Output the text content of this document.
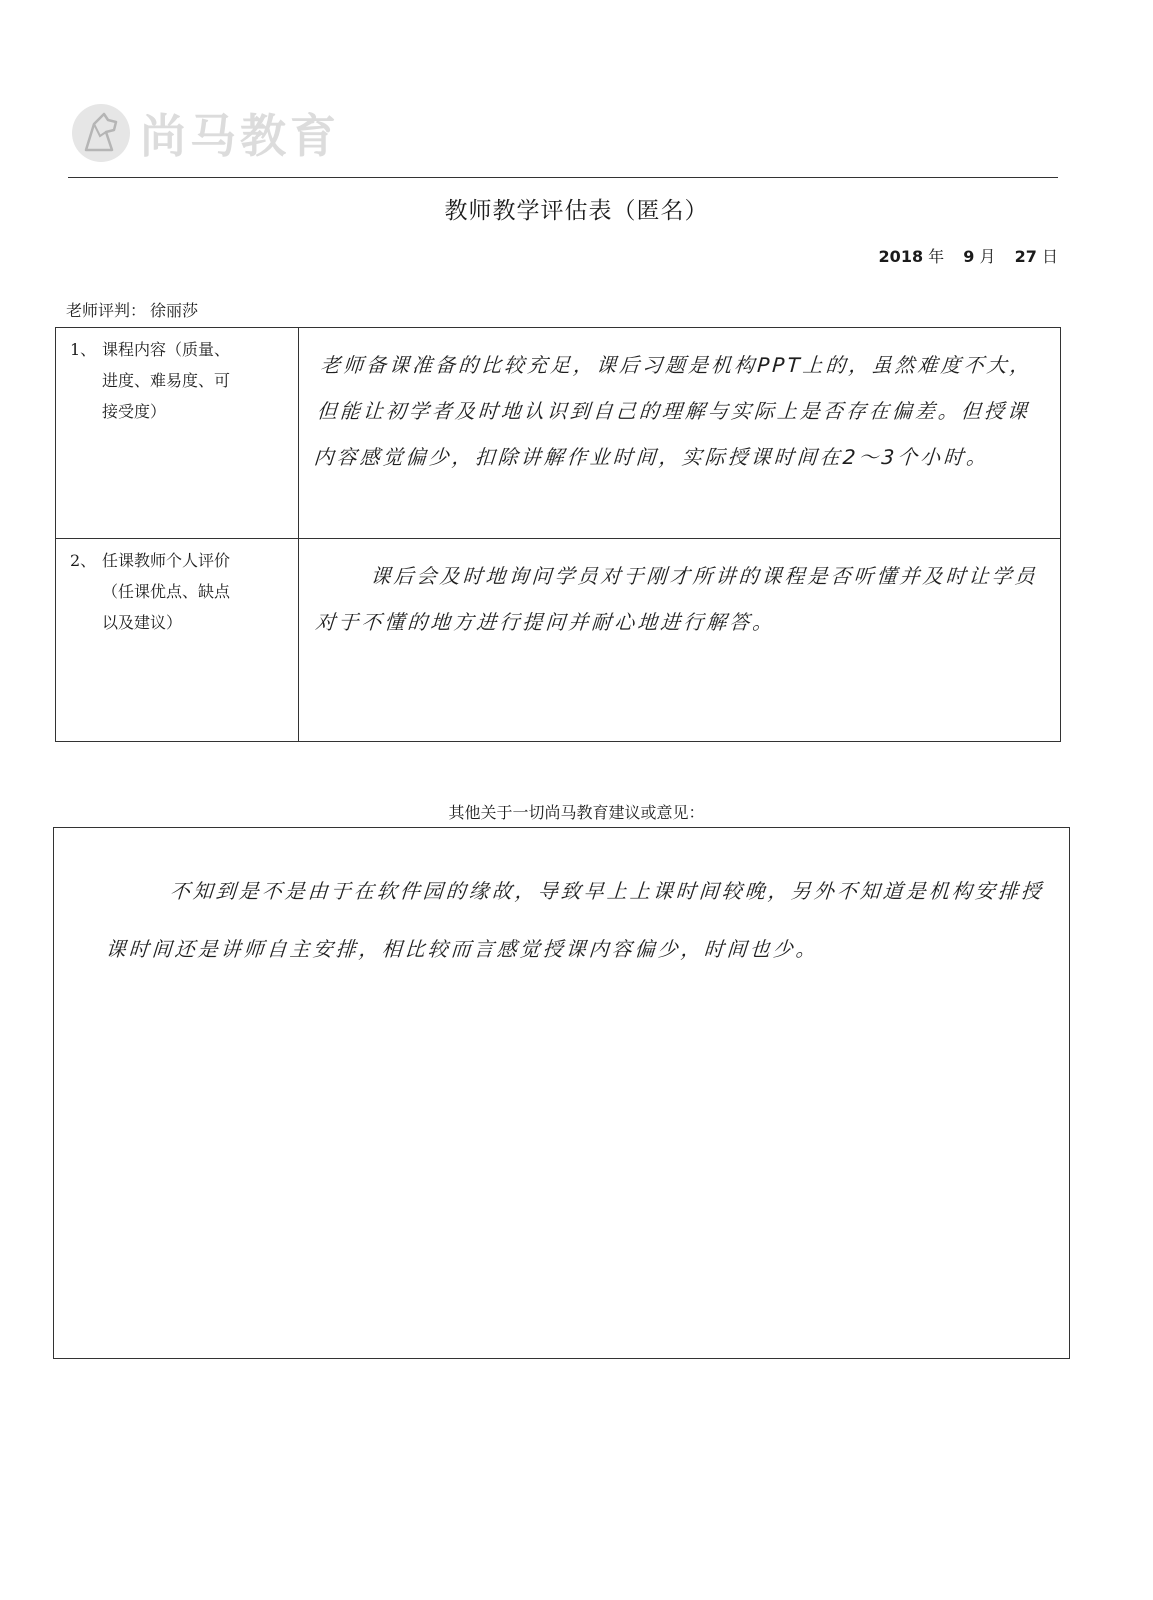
尚马教育
教师教学评估表（匿名）
2018 年 9 月 27 日
老师评判： 徐丽莎
1、 课程内容（质量、
进度、难易度、可
接受度）	老师备课准备的比较充足，课后习题是机构PPT上的，虽然难度不大，但能让初学者及时地认识到自己的理解与实际上是否存在偏差。但授课内容感觉偏少，扣除讲解作业时间，实际授课时间在2～3个小时。

2、 任课教师个人评价
（任课优点、缺点
以及建议）	课后会及时地询问学员对于刚才所讲的课程是否听懂并及时让学员对于不懂的地方进行提问并耐心地进行解答。
其他关于一切尚马教育建议或意见：
不知到是不是由于在软件园的缘故，导致早上上课时间较晚，另外不知道是机构安排授课时间还是讲师自主安排，相比较而言感觉授课内容偏少，时间也少。
